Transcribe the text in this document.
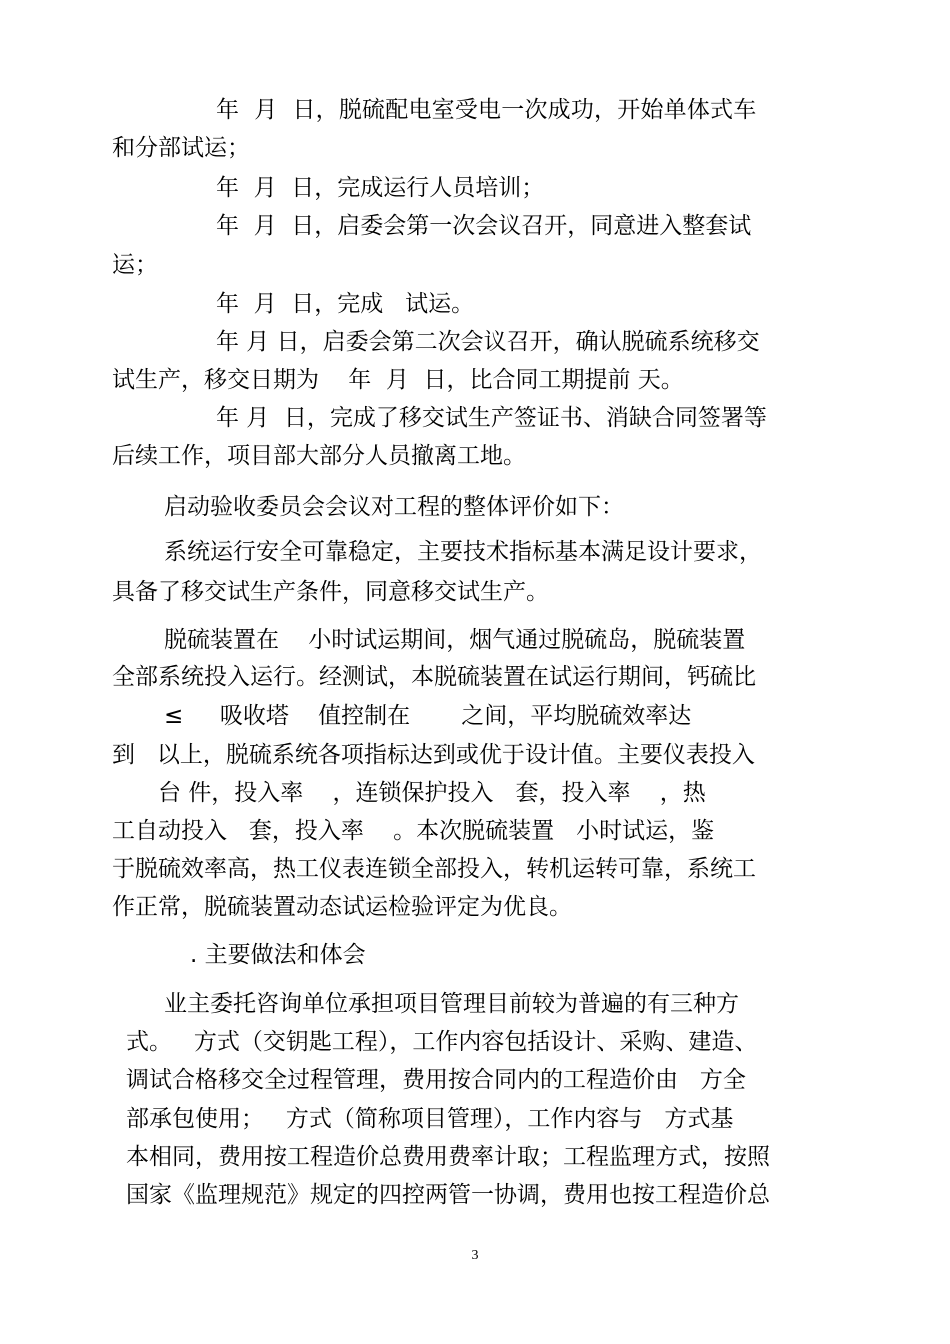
年  月  日，脱硫配电室受电一次成功，开始单体式车
和分部试运；
年  月  日，完成运行人员培训；
年  月  日，启委会第一次会议召开，同意进入整套试
运；
年  月  日，完成   试运。
年 月 日，启委会第二次会议召开，确认脱硫系统移交
试生产，移交日期为    年  月  日，比合同工期提前 天。
年 月  日，完成了移交试生产签证书、消缺合同签署等
后续工作，项目部大部分人员撤离工地。
启动验收委员会会议对工程的整体评价如下：
系统运行安全可靠稳定，主要技术指标基本满足设计要求，
具备了移交试生产条件，同意移交试生产。
脱硫装置在    小时试运期间，烟气通过脱硫岛，脱硫装置
全部系统投入运行。经测试，本脱硫装置在试运行期间，钙硫比
≤     吸收塔    值控制在       之间，平均脱硫效率达
到   以上，脱硫系统各项指标达到或优于设计值。主要仪表投入
台 件，投入率    ，连锁保护投入   套，投入率    ，热
工自动投入   套，投入率    。本次脱硫装置   小时试运，鉴
于脱硫效率高，热工仪表连锁全部投入，转机运转可靠，系统工
作正常，脱硫装置动态试运检验评定为优良。
. 主要做法和体会
业主委托咨询单位承担项目管理目前较为普遍的有三种方
式。   方式（交钥匙工程），工作内容包括设计、采购、建造、
调试合格移交全过程管理，费用按合同内的工程造价由   方全
部承包使用；   方式（简称项目管理），工作内容与   方式基
本相同，费用按工程造价总费用费率计取；工程监理方式，按照
国家《监理规范》规定的四控两管一协调，费用也按工程造价总
3
